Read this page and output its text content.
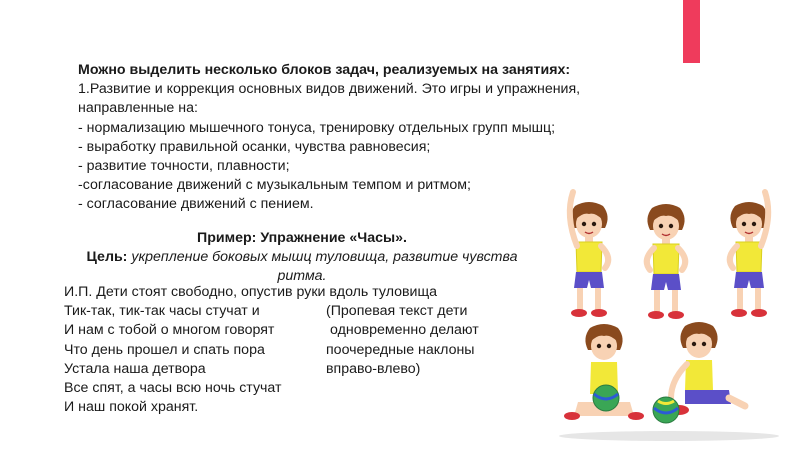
Можно выделить несколько блоков задач, реализуемых на занятиях:
1.Развитие и коррекция основных видов движений. Это игры и упражнения,
направленные на:
- нормализацию мышечного тонуса, тренировку отдельных групп мышц;
- выработку правильной осанки, чувства равновесия;
- развитие точности, плавности;
-согласование движений с музыкальным темпом и ритмом;
- согласование движений с пением.
Пример: Упражнение «Часы».
Цель: укрепление боковых мышц туловища, развитие чувства ритма.
И.П. Дети стоят свободно, опустив руки вдоль туловища
Тик-так, тик-так часы стучат и
И нам с тобой о многом говорят
Что день прошел и спать пора
Устала наша детвора
Все спят, а часы всю ночь стучат
И наш покой хранят.
(Пропевая текст дети
одновременно делают
поочередные наклоны
вправо-влево)
